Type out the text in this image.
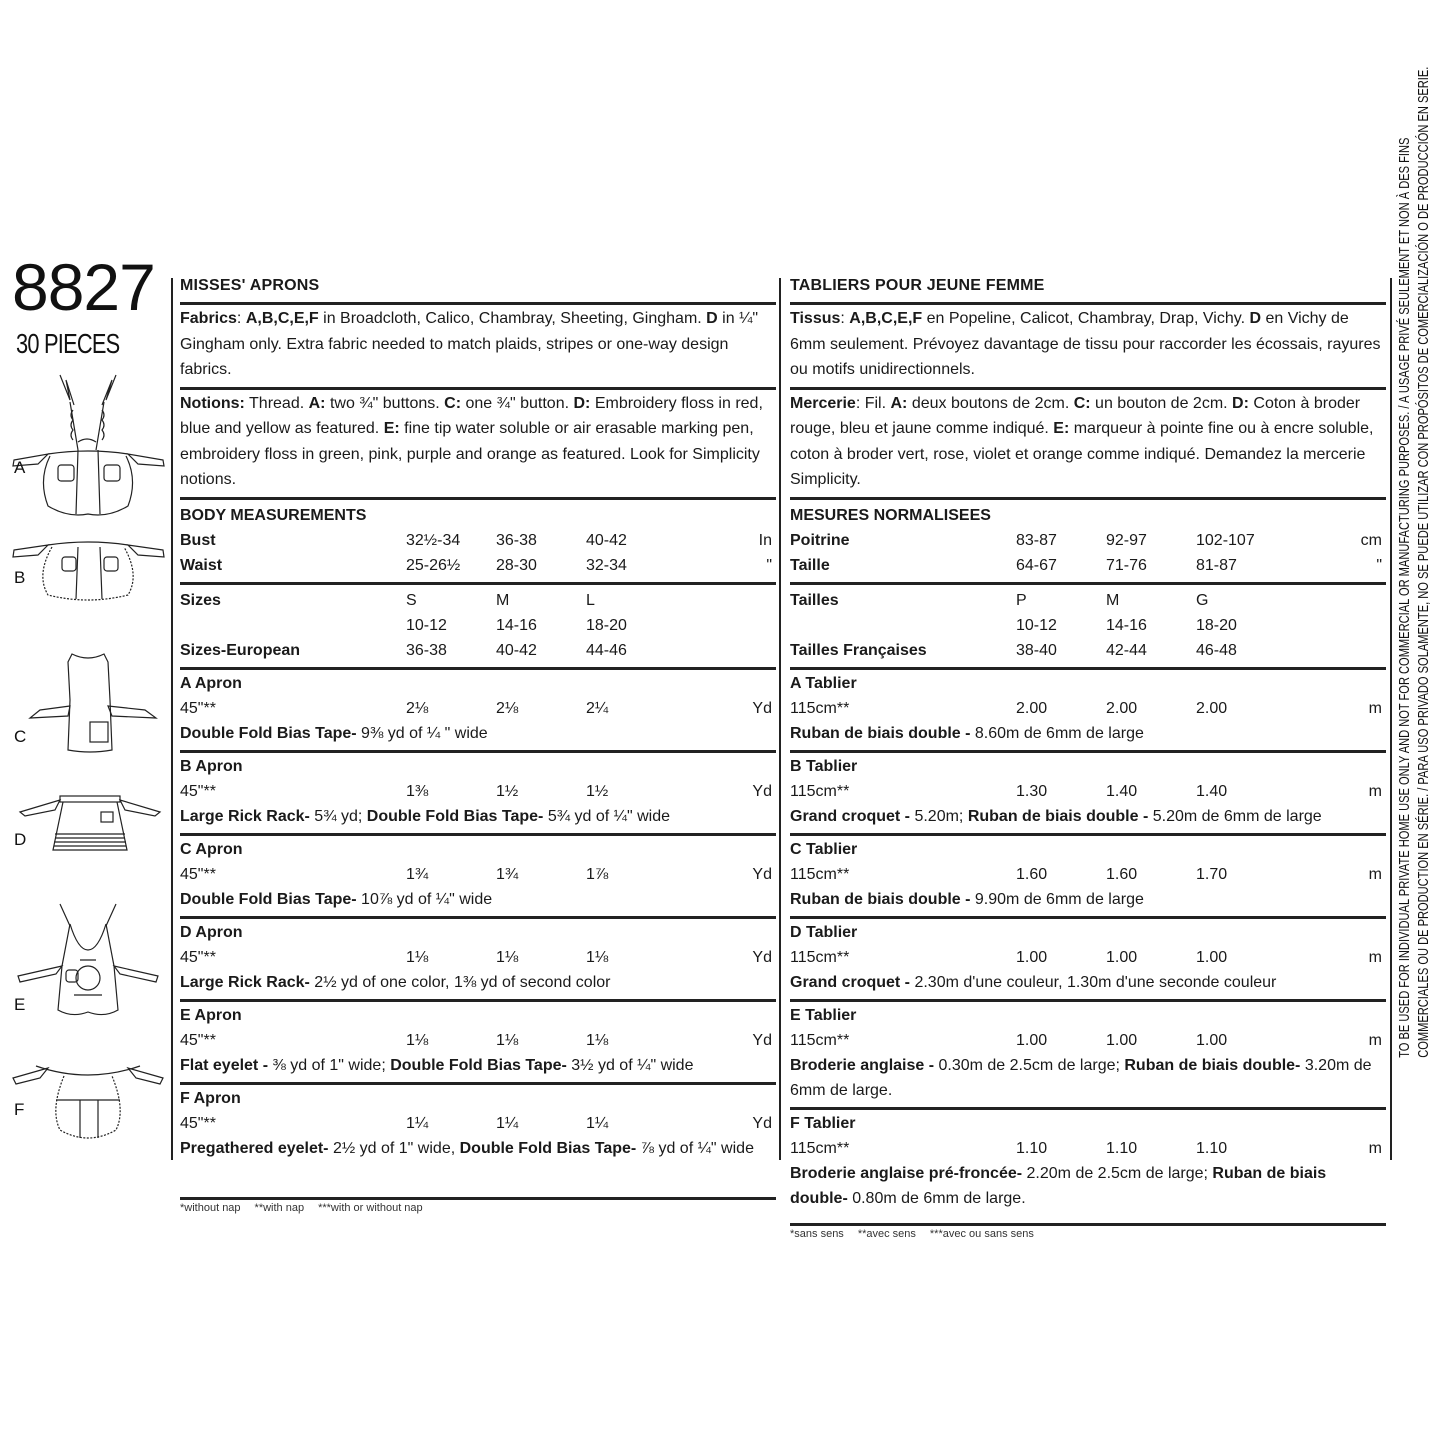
8827
30 PIECES
A
B
C
D
E
F
MISSES' APRONS
Fabrics: A,B,C,E,F in Broadcloth, Calico, Chambray, Sheeting, Gingham. D in ¼" Gingham only. Extra fabric needed to match plaids, stripes or one-way design fabrics.
Notions: Thread. A: two ¾" buttons. C: one ¾" button. D: Embroidery floss in red, blue and yellow as featured. E: fine tip water soluble or air erasable marking pen, embroidery floss in green, pink, purple and orange as featured. Look for Simplicity notions.
BODY MEASUREMENTS
Bust	32½-34 36-38	40-42	In
Waist	25-26½ 28-30	32-34	"
Sizes	S	M	L
10-12	14-16	18-20
Sizes-European	36-38	40-42	44-46
A Apron
45"**	2⅛	2⅛	2¼	Yd
Double Fold Bias Tape- 9⅜ yd of ¼ " wide
B Apron
45"**	1⅜	1½	1½	Yd
Large Rick Rack- 5¾ yd; Double Fold Bias Tape- 5¾ yd of ¼" wide
C Apron
45"**	1¾	1¾	1⅞	Yd
Double Fold Bias Tape- 10⅞ yd of ¼" wide
D Apron
45"**	1⅛	1⅛	1⅛	Yd
Large Rick Rack- 2½ yd of one color, 1⅜ yd of second color
E Apron
45"**	1⅛	1⅛	1⅛	Yd
Flat eyelet - ⅜ yd of 1" wide; Double Fold Bias Tape- 3½ yd of ¼" wide
F Apron
45"**	1¼	1¼	1¼	Yd
Pregathered eyelet- 2½ yd of 1" wide, Double Fold Bias Tape- ⅞ yd of ¼" wide
*without nap **with nap ***with or without nap
TABLIERS POUR JEUNE FEMME
Tissus: A,B,C,E,F en Popeline, Calicot, Chambray, Drap, Vichy. D en Vichy de 6mm seulement. Prévoyez davantage de tissu pour raccorder les écossais, rayures ou motifs unidirectionnels.
Mercerie: Fil. A: deux boutons de 2cm. C: un bouton de 2cm. D: Coton à broder rouge, bleu et jaune comme indiqué. E: marqueur à pointe fine ou à encre soluble, coton à broder vert, rose, violet et orange comme indiqué. Demandez la mercerie Simplicity.
MESURES NORMALISEES
Poitrine	83-87	92-97	102-107	cm
Taille	64-67	71-76	81-87	"
Tailles	P	M	G
10-12	14-16	18-20
Tailles Françaises	38-40	42-44	46-48
A Tablier
115cm**	2.00	2.00	2.00	m
Ruban de biais double - 8.60m de 6mm de large
B Tablier
115cm**	1.30	1.40	1.40	m
Grand croquet - 5.20m; Ruban de biais double - 5.20m de 6mm de large
C Tablier
115cm**	1.60	1.60	1.70	m
Ruban de biais double - 9.90m de 6mm de large
D Tablier
115cm**	1.00	1.00	1.00	m
Grand croquet - 2.30m d'une couleur, 1.30m d'une seconde couleur
E Tablier
115cm**	1.00	1.00	1.00	m
Broderie anglaise - 0.30m de 2.5cm de large; Ruban de biais double- 3.20m de 6mm de large.
F Tablier
115cm**	1.10	1.10	1.10	m
Broderie anglaise pré-froncée- 2.20m de 2.5cm de large; Ruban de biais double- 0.80m de 6mm de large.
*sans sens **avec sens ***avec ou sans sens
TO BE USED FOR INDIVIDUAL PRIVATE HOME USE ONLY AND NOT FOR COMMERCIAL OR MANUFACTURING PURPOSES. / A USAGE PRIVÉ SEULEMENT ET NON À DES FINS COMMERCIALES OU DE PRODUCTION EN SÉRIE. / PARA USO PRIVADO SOLAMENTE, NO SE PUEDE UTILIZAR CON PROPÓSITOS DE COMERCIALIZACIÓN O DE PRODUCCIÓN EN SERIE.
